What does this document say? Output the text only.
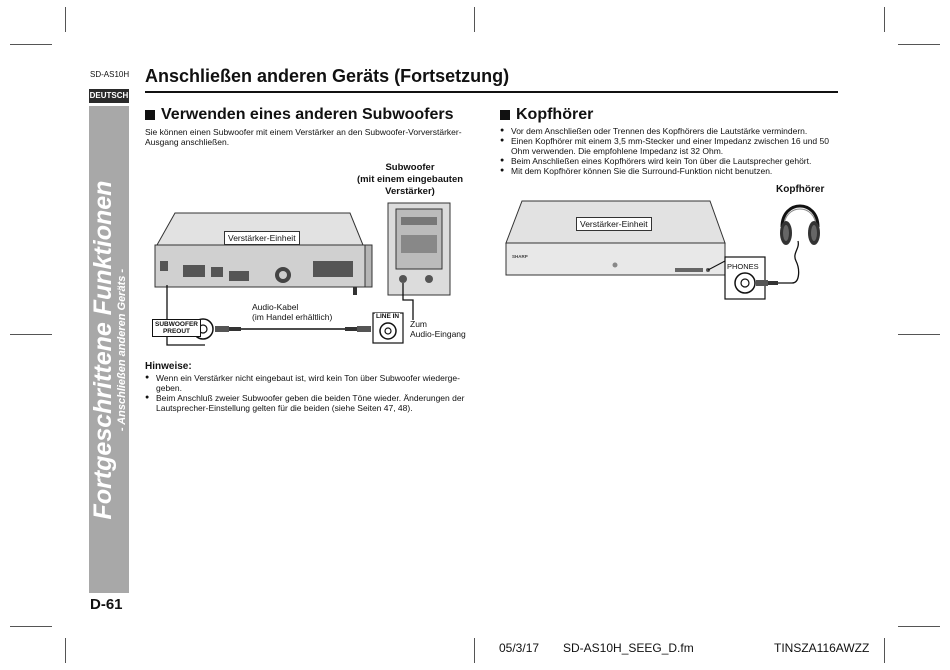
SD-AS10H
DEUTSCH
Fortgeschrittene Funktionen - Anschließen anderen Geräts -
D-61
Anschließen anderen Geräts (Fortsetzung)
Verwenden eines anderen Subwoofers
Sie können einen Subwoofer mit einem Verstärker an den Subwoofer-Vorverstärker-Ausgang anschließen.
Subwoofer
(mit einem eingebauten
Verstärker)
Verstärker-Einheit
Audio-Kabel
(im Handel erhältlich)
SUBWOOFER
PREOUT
LINE IN
Zum
Audio-Eingang
Hinweise:
● Wenn ein Verstärker nicht eingebaut ist, wird kein Ton über Subwoofer wiederge-geben.
● Beim Anschluß zweier Subwoofer geben die beiden Töne wieder. Änderungen der Lautsprecher-Einstellung gelten für die beiden (siehe Seiten 47, 48).
Kopfhörer
● Vor dem Anschließen oder Trennen des Kopfhörers die Lautstärke vermindern.
● Einen Kopfhörer mit einem 3,5 mm-Stecker und einer Impedanz zwischen 16 und 50 Ohm verwenden. Die empfohlene Impedanz ist 32 Ohm.
● Beim Anschließen eines Kopfhörers wird kein Ton über die Lautsprecher gehört.
● Mit dem Kopfhörer können Sie die Surround-Funktion nicht benutzen.
Kopfhörer
Verstärker-Einheit
SHARP
PHONES
05/3/17 SD-AS10H_SEEG_D.fm	TINSZA116AWZZ
